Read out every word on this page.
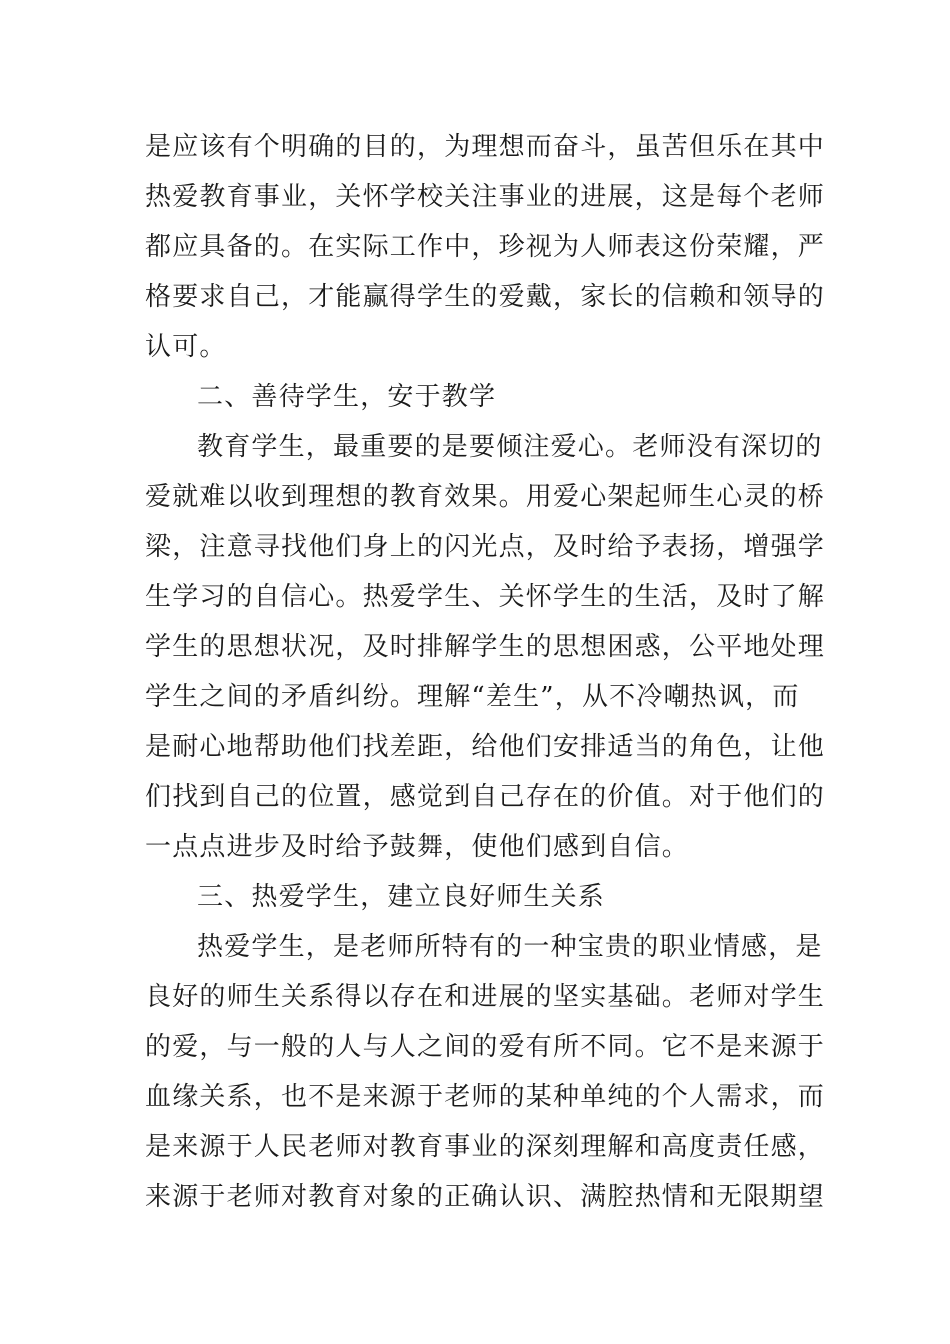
是应该有个明确的目的，为理想而奋斗，虽苦但乐在其中
热爱教育事业，关怀学校关注事业的进展，这是每个老师
都应具备的。在实际工作中，珍视为人师表这份荣耀，严
格要求自己，才能赢得学生的爱戴，家长的信赖和领导的
认可。
二、善待学生，安于教学
教育学生，最重要的是要倾注爱心。老师没有深切的
爱就难以收到理想的教育效果。用爱心架起师生心灵的桥
梁，注意寻找他们身上的闪光点，及时给予表扬，增强学
生学习的自信心。热爱学生、关怀学生的生活，及时了解
学生的思想状况，及时排解学生的思想困惑，公平地处理
学生之间的矛盾纠纷。理解“差生”，从不冷嘲热讽，而
是耐心地帮助他们找差距，给他们安排适当的角色，让他
们找到自己的位置，感觉到自己存在的价值。对于他们的
一点点进步及时给予鼓舞，使他们感到自信。
三、热爱学生，建立良好师生关系
热爱学生，是老师所特有的一种宝贵的职业情感，是
良好的师生关系得以存在和进展的坚实基础。老师对学生
的爱，与一般的人与人之间的爱有所不同。它不是来源于
血缘关系，也不是来源于老师的某种单纯的个人需求，而
是来源于人民老师对教育事业的深刻理解和高度责任感，
来源于老师对教育对象的正确认识、满腔热情和无限期望
